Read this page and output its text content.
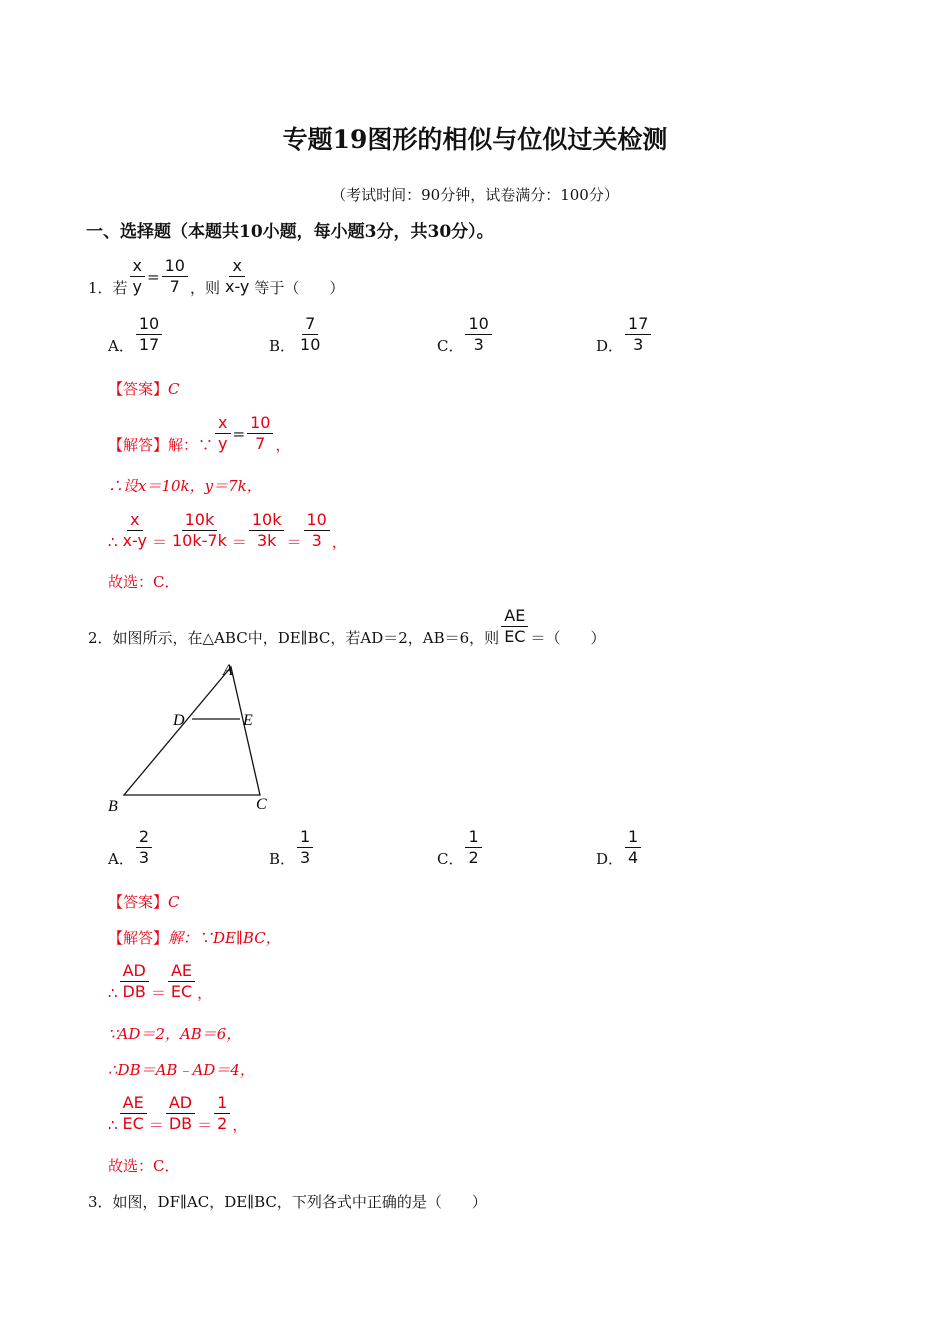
专题19图形的相似与位似过关检测
（考试时间：90分钟，试卷满分：100分）
一、选择题（本题共10小题，每小题3分，共30分）。
1．若 $\frac{x}{y} = \frac{10}{7}$ ，则 $\frac{x}{x-y}$ 等于（　　）
A． $\frac{10}{17}$	B． $\frac{7}{10}$	C． $\frac{10}{3}$	D． $\frac{17}{3}$
【答案】C
【解答】解：∵ $\frac{x}{y} = \frac{10}{7}$ ，
∴设x＝10k，y＝7k，
∴ $\frac{x}{x-y} = \frac{10k}{10k-7k} = \frac{10k}{3k} = \frac{10}{3}$ ，
故选：C．
2．如图所示，在△ABC中，DE∥BC，若AD＝2，AB＝6，则 $\frac{AE}{EC}$ ＝（　　）
A
D	E
B	C
A． $\frac{2}{3}$	B． $\frac{1}{3}$	C． $\frac{1}{2}$	D． $\frac{1}{4}$
【答案】C
【解答】解：∵DE∥BC，
∴ $\frac{AD}{DB} = \frac{AE}{EC}$ ，
∵AD＝2，AB＝6，
∴DB＝AB﹣AD＝4，
∴ $\frac{AE}{EC} = \frac{AD}{DB} = \frac{1}{2}$ ，
故选：C．
3．如图，DF∥AC，DE∥BC，下列各式中正确的是（　　）
